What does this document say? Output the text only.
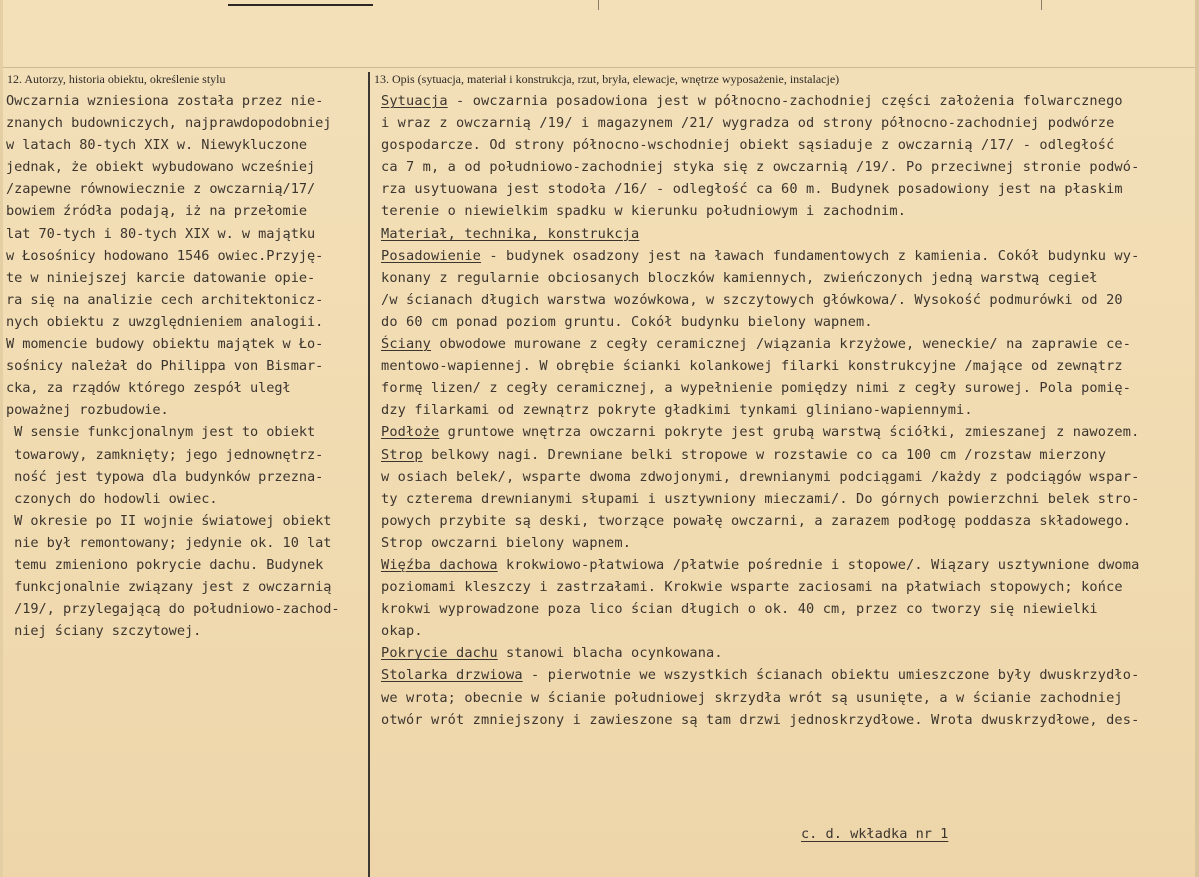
12. Autorzy, historia obiektu, określenie stylu	13. Opis (sytuacja, materiał i konstrukcja, rzut, bryła, elewacje, wnętrze wyposażenie, instalacje)
Owczarnia wzniesiona została przez nie-
znanych budowniczych, najprawdopodobniej
w latach 80-tych XIX w. Niewykluczone
jednak, że obiekt wybudowano wcześniej
/zapewne równowiecznie z owczarnią/17/
bowiem źródła podają, iż na przełomie
lat 70-tych i 80-tych XIX w. w majątku
w Łosośnicy hodowano 1546 owiec.Przyję-
te w niniejszej karcie datowanie opie-
ra się na analizie cech architektonicz-
nych obiektu z uwzględnieniem analogii.
W momencie budowy obiektu majątek w Ło-
sośnicy należał do Philippa von Bismar-
cka, za rządów którego zespół uległ
poważnej rozbudowie.
W sensie funkcjonalnym jest to obiekt
towarowy, zamknięty; jego jednownętrz-
ność jest typowa dla budynków przezna-
czonych do hodowli owiec.
W okresie po II wojnie światowej obiekt
nie był remontowany; jedynie ok. 10 lat
temu zmieniono pokrycie dachu. Budynek
funkcjonalnie związany jest z owczarnią
/19/, przylegającą do południowo-zachod-
niej ściany szczytowej.
Sytuacja - owczarnia posadowiona jest w północno-zachodniej części założenia folwarcznego
i wraz z owczarnią /19/ i magazynem /21/ wygradza od strony północno-zachodniej podwórze
gospodarcze. Od strony północno-wschodniej obiekt sąsiaduje z owczarnią /17/ - odległość
ca 7 m, a od południowo-zachodniej styka się z owczarnią /19/. Po przeciwnej stronie podwó-
rza usytuowana jest stodoła /16/ - odległość ca 60 m. Budynek posadowiony jest na płaskim
terenie o niewielkim spadku w kierunku południowym i zachodnim.
Materiał, technika, konstrukcja
Posadowienie - budynek osadzony jest na ławach fundamentowych z kamienia. Cokół budynku wy-
konany z regularnie obciosanych bloczków kamiennych, zwieńczonych jedną warstwą cegieł
/w ścianach długich warstwa wozówkowa, w szczytowych główkowa/. Wysokość podmurówki od 20
do 60 cm ponad poziom gruntu. Cokół budynku bielony wapnem.
Ściany obwodowe murowane z cegły ceramicznej /wiązania krzyżowe, weneckie/ na zaprawie ce-
mentowo-wapiennej. W obrębie ścianki kolankowej filarki konstrukcyjne /mające od zewnątrz
formę lizen/ z cegły ceramicznej, a wypełnienie pomiędzy nimi z cegły surowej. Pola pomię-
dzy filarkami od zewnątrz pokryte gładkimi tynkami gliniano-wapiennymi.
Podłoże gruntowe wnętrza owczarni pokryte jest grubą warstwą ściółki, zmieszanej z nawozem.
Strop belkowy nagi. Drewniane belki stropowe w rozstawie co ca 100 cm /rozstaw mierzony
w osiach belek/, wsparte dwoma zdwojonymi, drewnianymi podciągami /każdy z podciągów wspar-
ty czterema drewnianymi słupami i usztywniony mieczami/. Do górnych powierzchni belek stro-
powych przybite są deski, tworzące powałę owczarni, a zarazem podłogę poddasza składowego.
Strop owczarni bielony wapnem.
Więźba dachowa krokwiowo-płatwiowa /płatwie pośrednie i stopowe/. Wiązary usztywnione dwoma
poziomami kleszczy i zastrzałami. Krokwie wsparte zaciosami na płatwiach stopowych; końce
krokwi wyprowadzone poza lico ścian długich o ok. 40 cm, przez co tworzy się niewielki
okap.
Pokrycie dachu stanowi blacha ocynkowana.
Stolarka drzwiowa - pierwotnie we wszystkich ścianach obiektu umieszczone były dwuskrzydło-
we wrota; obecnie w ścianie południowej skrzydła wrót są usunięte, a w ścianie zachodniej
otwór wrót zmniejszony i zawieszone są tam drzwi jednoskrzydłowe. Wrota dwuskrzydłowe, des-
c. d. wkładka nr 1
